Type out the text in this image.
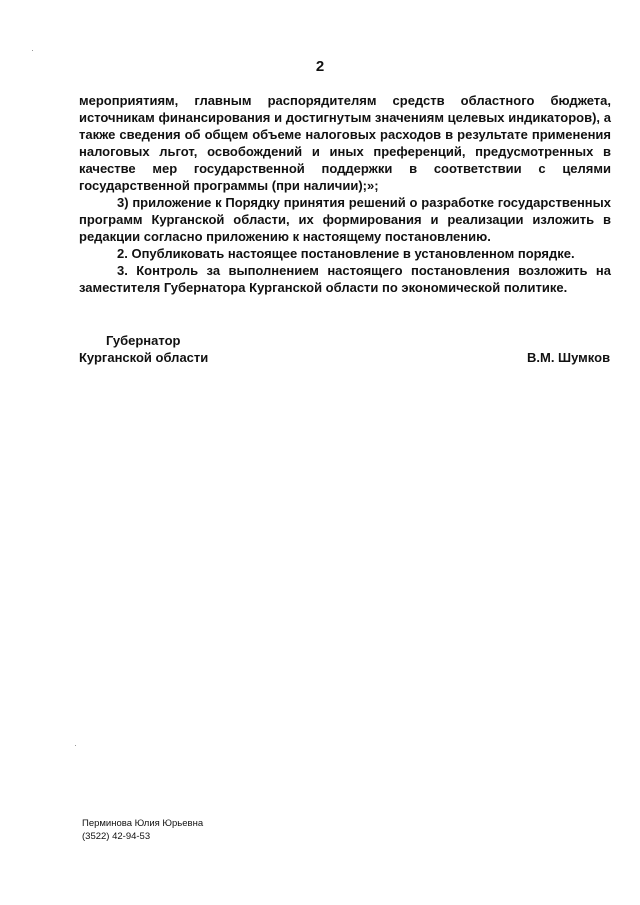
2
мероприятиям, главным распорядителям средств областного бюджета,
источникам финансирования и достигнутым значениям целевых индикаторов), а
также сведения об общем объеме налоговых расходов в результате применения
налоговых льгот, освобождений и иных преференций, предусмотренных в
качестве мер государственной поддержки в соответствии с целями
государственной программы (при наличии);»;
3) приложение к Порядку принятия решений о разработке государственных
программ Курганской области, их формирования и реализации изложить в
редакции согласно приложению к настоящему постановлению.
2. Опубликовать настоящее постановление в установленном порядке.
3. Контроль за выполнением настоящего постановления возложить на
заместителя Губернатора Курганской области по экономической политике.
Губернатор
Курганской области	В.М. Шумков
Перминова Юлия Юрьевна
(3522) 42-94-53
